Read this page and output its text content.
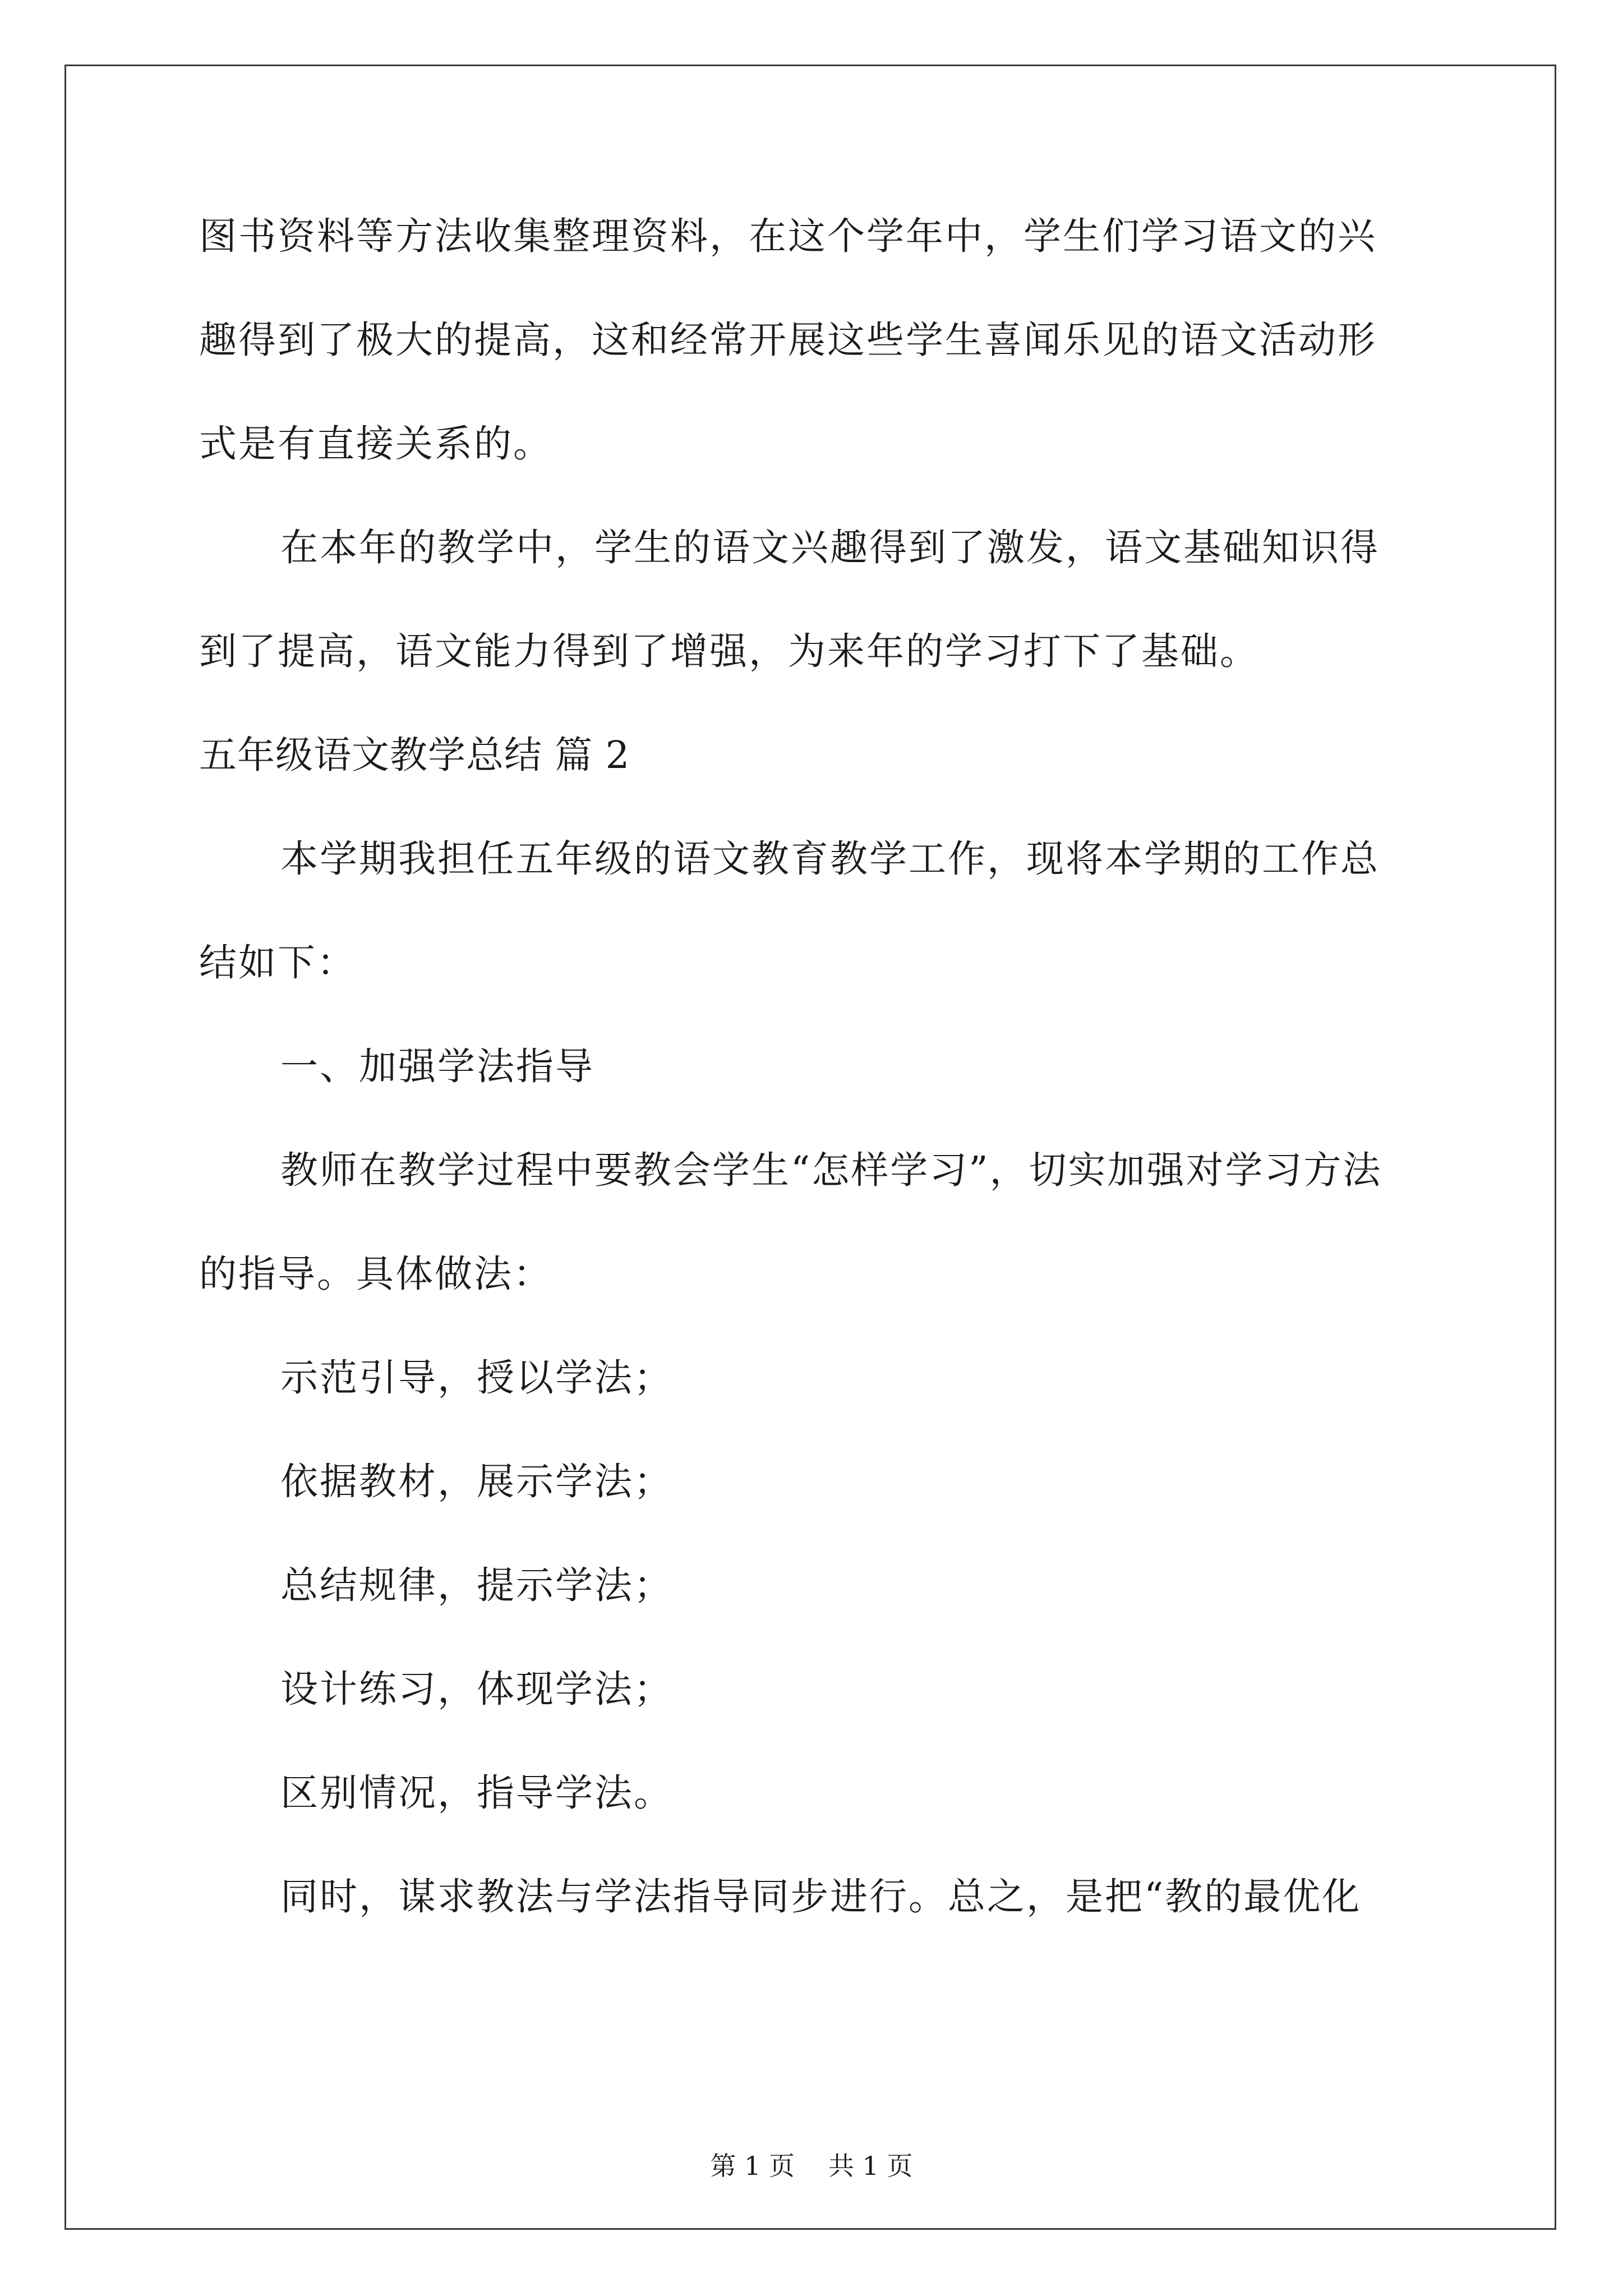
图书资料等方法收集整理资料，在这个学年中，学生们学习语文的兴

趣得到了极大的提高，这和经常开展这些学生喜闻乐见的语文活动形

式是有直接关系的。

在本年的教学中，学生的语文兴趣得到了激发，语文基础知识得

到了提高，语文能力得到了增强，为来年的学习打下了基础。

五年级语文教学总结 篇 2

本学期我担任五年级的语文教育教学工作，现将本学期的工作总

结如下：

一、加强学法指导

教师在教学过程中要教会学生“怎样学习”，切实加强对学习方法

的指导。具体做法：

示范引导，授以学法；

依据教材，展示学法；

总结规律，提示学法；

设计练习，体现学法；

区别情况，指导学法。

同时，谋求教法与学法指导同步进行。总之，是把“教的最优化

第 1 页 共 1 页
